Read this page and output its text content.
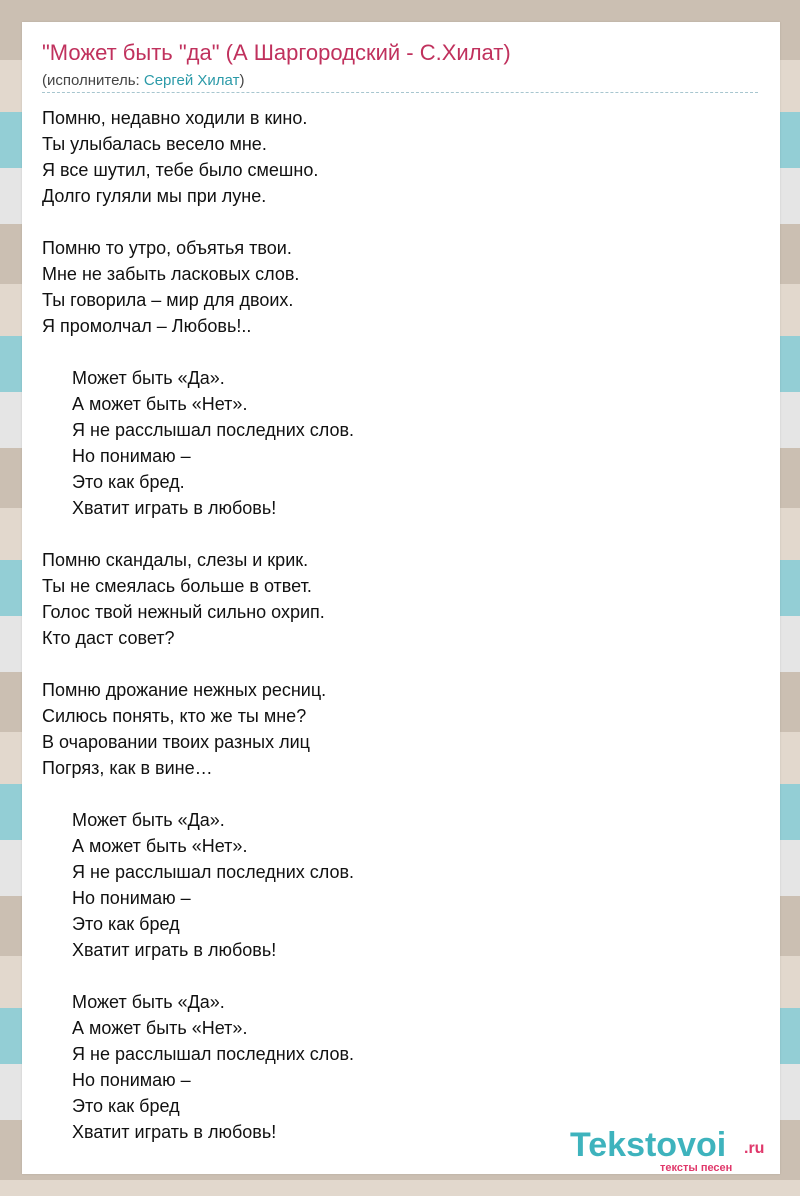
"Может быть "да" (А Шаргородский - С.Хилат)
(исполнитель: Сергей Хилат)
Помню, недавно ходили в кино.
Ты улыбалась весело мне.
Я все шутил, тебе было смешно.
Долго гуляли мы при луне.
Помню то утро, объятья твои.
Мне не забыть ласковых слов.
Ты говорила – мир для двоих.
Я промолчал – Любовь!..
Может быть «Да».
А может быть «Нет».
Я не расслышал последних слов.
Но понимаю –
Это как бред.
Хватит играть в любовь!
Помню скандалы, слезы и крик.
Ты не смеялась больше в ответ.
Голос твой нежный сильно охрип.
Кто даст совет?
Помню дрожание нежных ресниц.
Силюсь понять, кто же ты мне?
В очаровании твоих разных лиц
Погряз, как в вине…
Может быть «Да».
А может быть «Нет».
Я не расслышал последних слов.
Но понимаю –
Это как бред
Хватит играть в любовь!
Может быть «Да».
А может быть «Нет».
Я не расслышал последних слов.
Но понимаю –
Это как бред
Хватит играть в любовь!	Tekstovoi .ru
тексты песен
